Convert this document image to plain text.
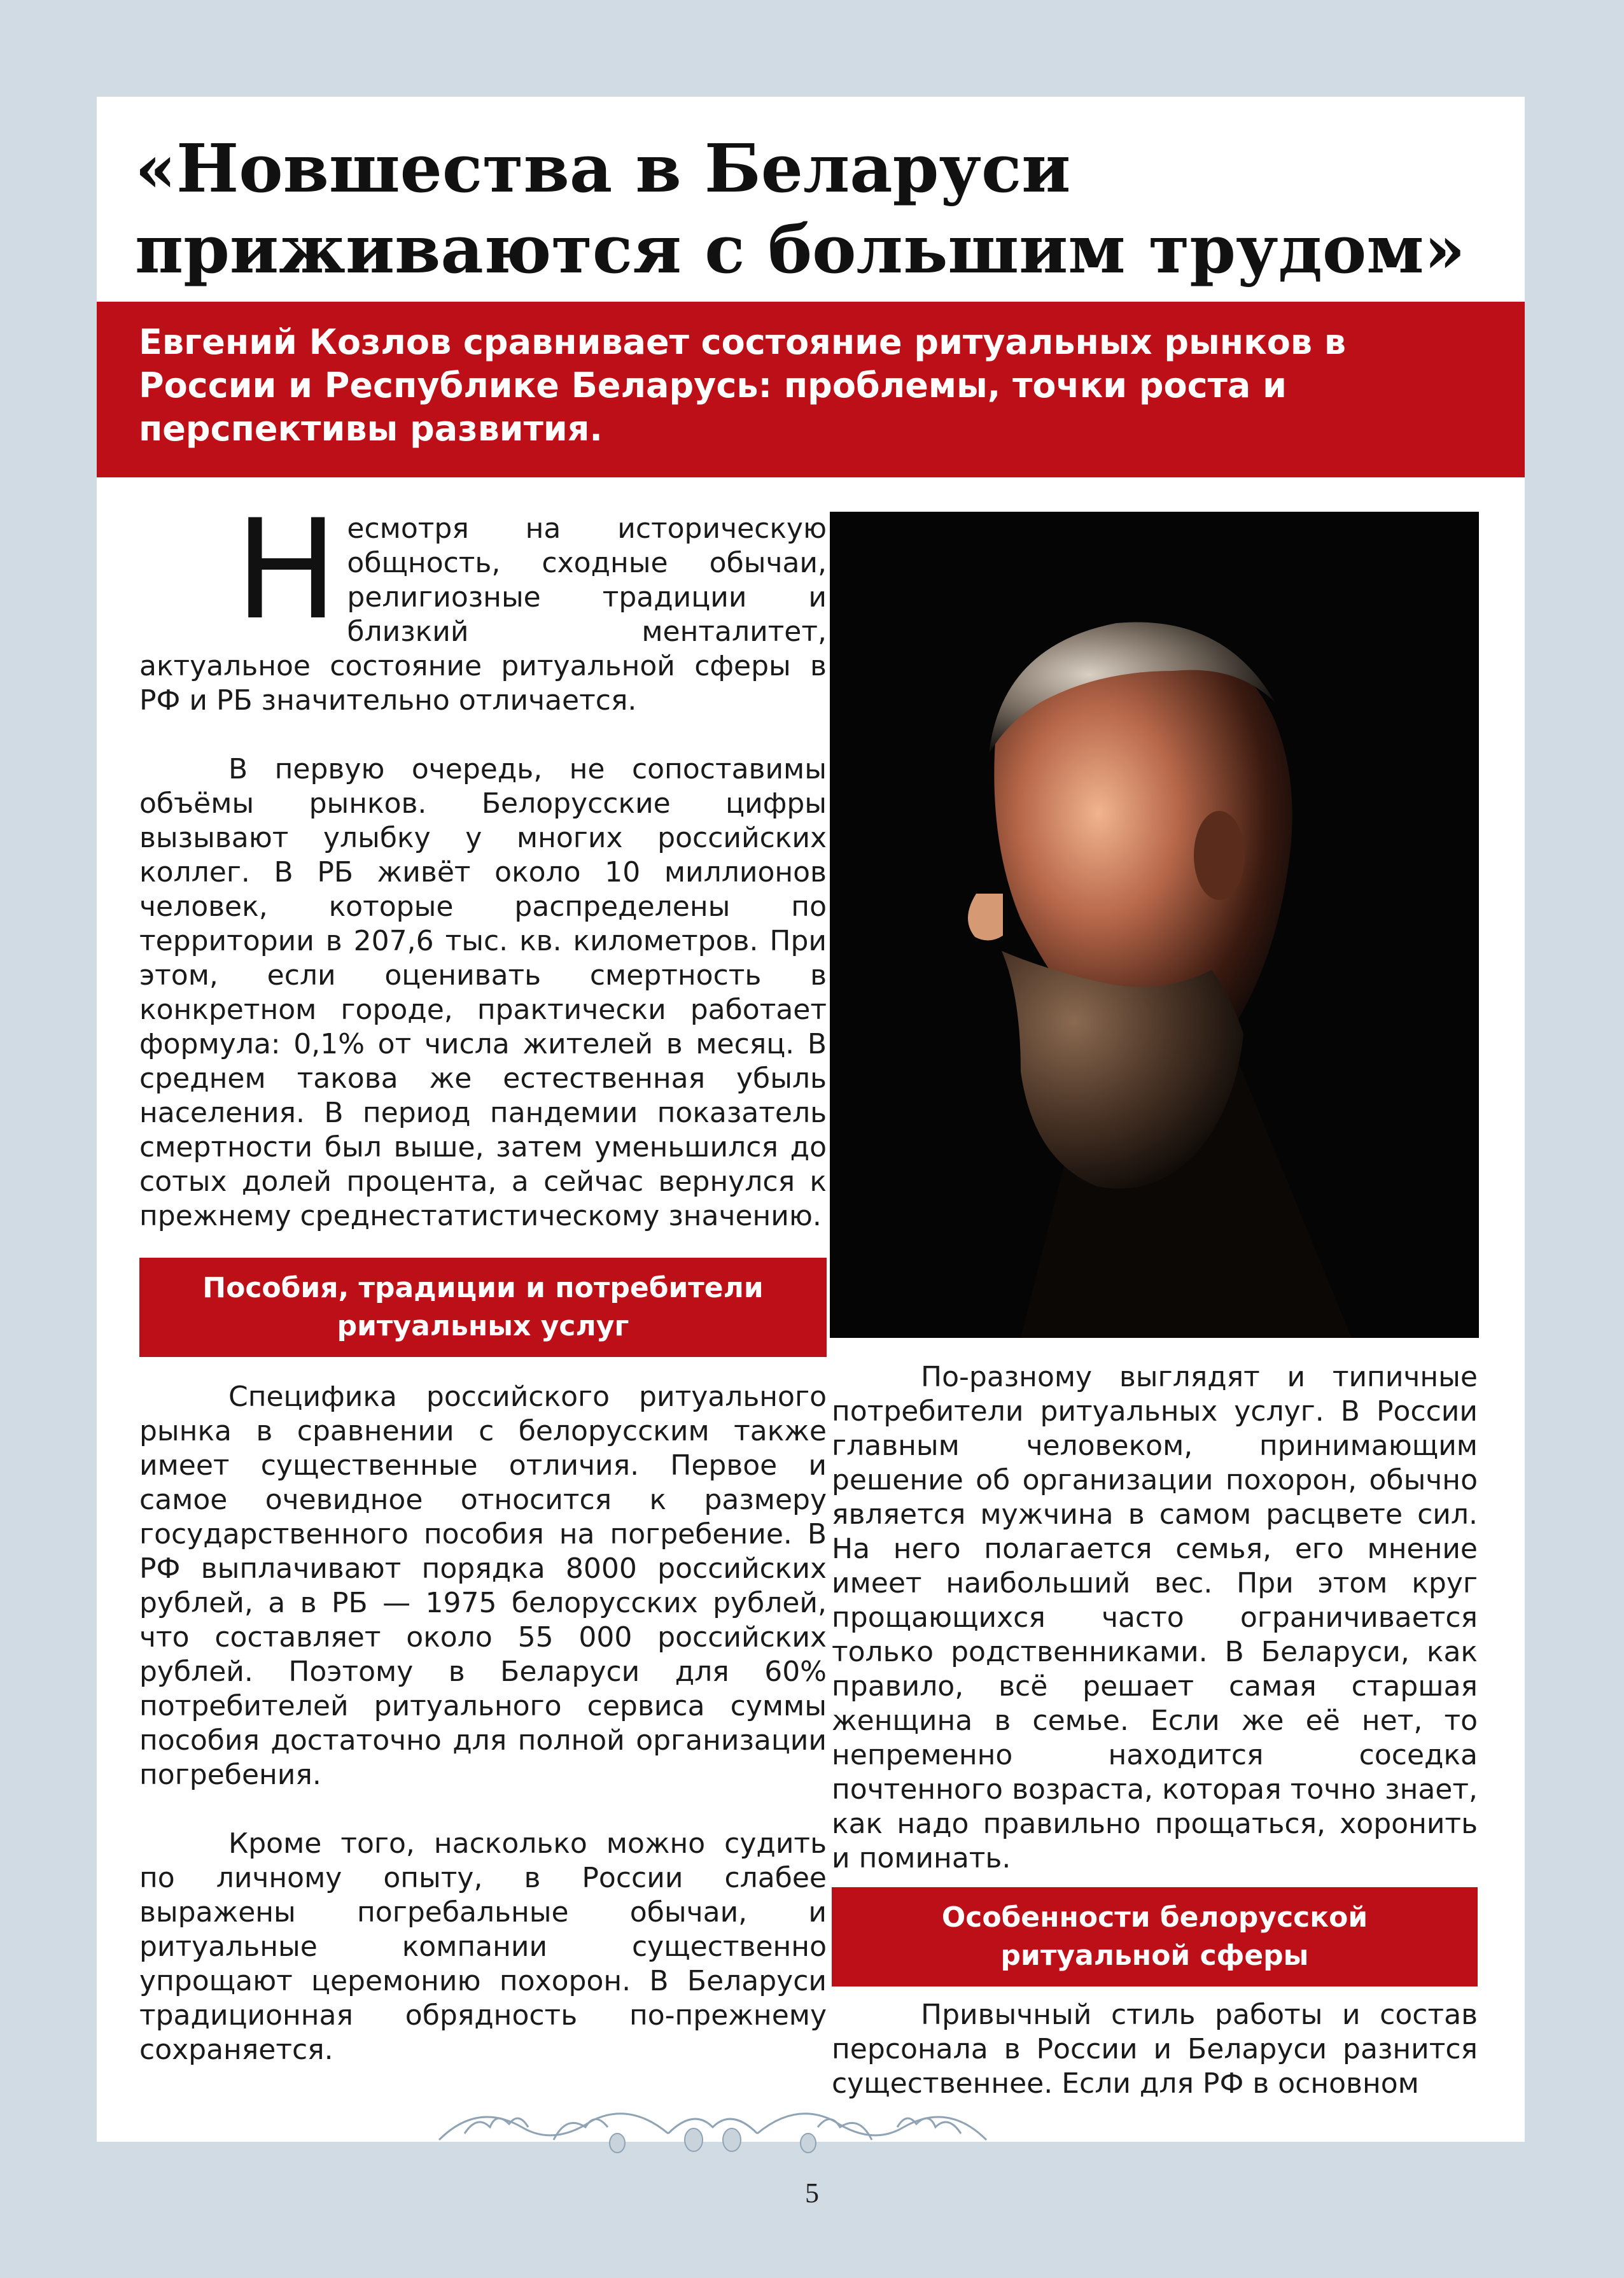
«Новшества в Беларуси приживаются с большим трудом»

Евгений Козлов сравнивает состояние ритуальных рынков в России и Республике Беларусь: проблемы, точки роста и перспективы развития.

Несмотря на историческую общность, сходные обычаи, религиозные традиции и близкий менталитет, актуальное состояние ритуальной сферы в РФ и РБ значительно отличается.

В первую очередь, не сопоставимы объёмы рынков. Белорусские цифры вызывают улыбку у многих российских коллег. В РБ живёт около 10 миллионов человек, которые распределены по территории в 207,6 тыс. кв. километров. При этом, если оценивать смертность в конкретном городе, практически работает формула: 0,1% от числа жителей в месяц. В среднем такова же естественная убыль населения. В период пандемии показатель смертности был выше, затем уменьшился до сотых долей процента, а сейчас вернулся к прежнему среднестатистическому значению.

Пособия, традиции и потребители ритуальных услуг

Специфика российского ритуального рынка в сравнении с белорусским также имеет существенные отличия. Первое и самое очевидное относится к размеру государственного пособия на погребение. В РФ выплачивают порядка 8000 российских рублей, а в РБ — 1975 белорусских рублей, что составляет около 55 000 российских рублей. Поэтому в Беларуси для 60% потребителей ритуального сервиса суммы пособия достаточно для полной организации погребения.

Кроме того, насколько можно судить по личному опыту, в России слабее выражены погребальные обычаи, и ритуальные компании существенно упрощают церемонию похорон. В Беларуси традиционная обрядность по-прежнему сохраняется.

По-разному выглядят и типичные потребители ритуальных услуг. В России главным человеком, принимающим решение об организации похорон, обычно является мужчина в самом расцвете сил. На него полагается семья, его мнение имеет наибольший вес. При этом круг прощающихся часто ограничивается только родственниками. В Беларуси, как правило, всё решает самая старшая женщина в семье. Если же её нет, то непременно находится соседка почтенного возраста, которая точно знает, как надо правильно прощаться, хоронить и поминать.

Особенности белорусской ритуальной сферы

Привычный стиль работы и состав персонала в России и Беларуси разнится существеннее. Если для РФ в основном

5
